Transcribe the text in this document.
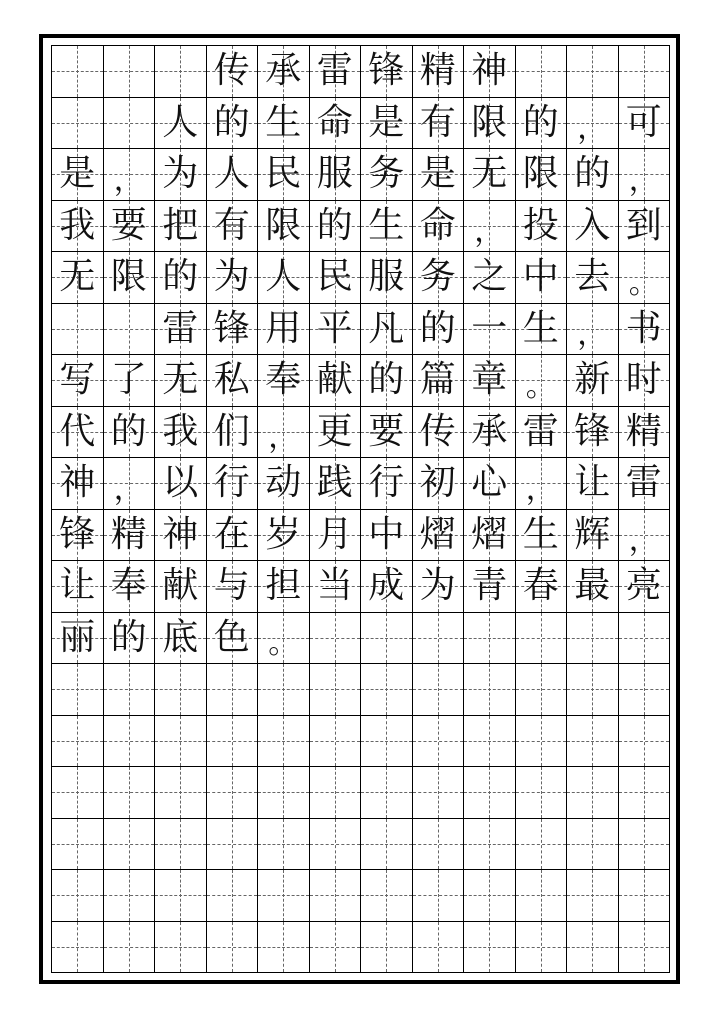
传 承 雷 锋 精 神
人 的 生 命 是 有 限 的 ， 可
是 ， 为 人 民 服 务 是 无 限 的 ，
我 要 把 有 限 的 生 命 ， 投 入 到
无 限 的 为 人 民 服 务 之 中 去 。
雷 锋 用 平 凡 的 一 生 ， 书
写 了 无 私 奉 献 的 篇 章 。 新 时
代 的 我 们 ， 更 要 传 承 雷 锋 精
神 ， 以 行 动 践 行 初 心 ， 让 雷
锋 精 神 在 岁 月 中 熠 熠 生 辉 ，
让 奉 献 与 担 当 成 为 青 春 最 亮
丽 的 底 色 。
